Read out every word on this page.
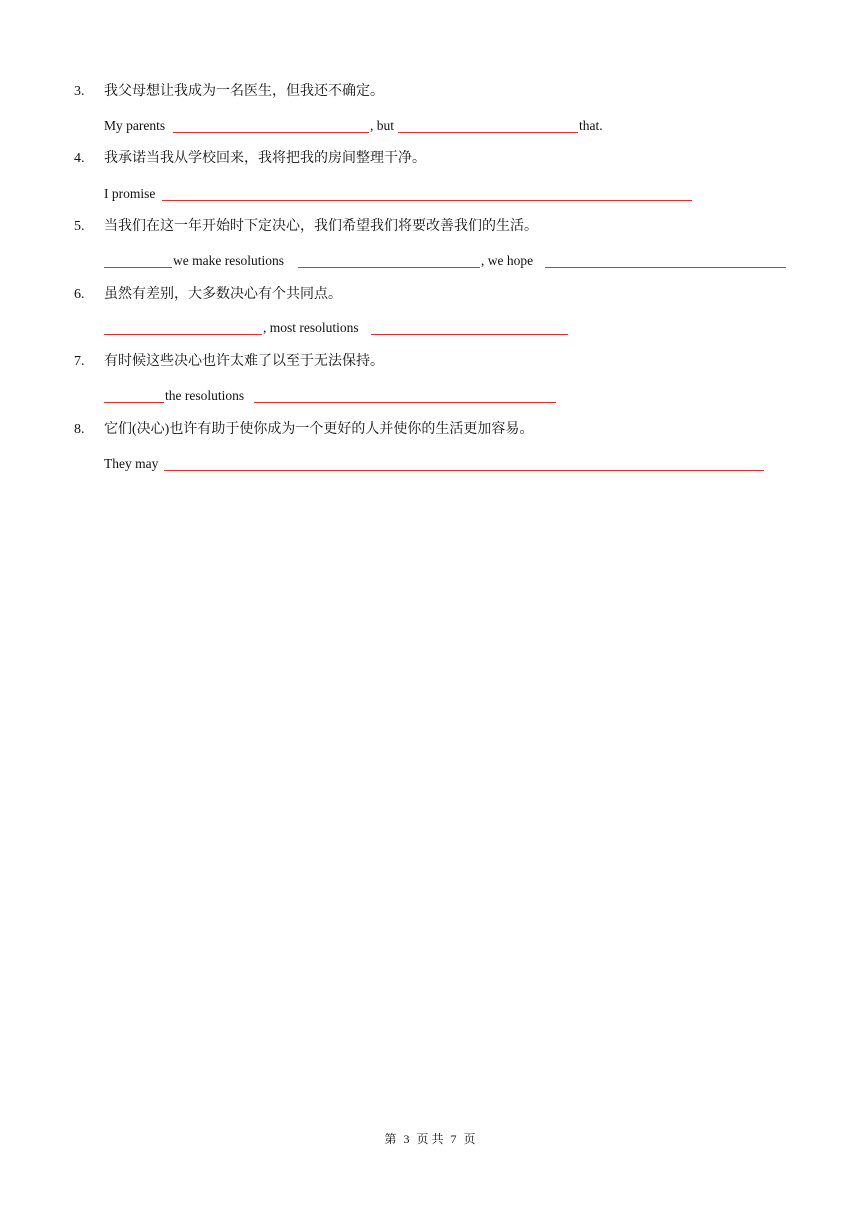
3. 我父母想让我成为一名医生，但我还不确定。
My parents	, but	that.
4. 我承诺当我从学校回来，我将把我的房间整理干净。
I promise
5. 当我们在这一年开始时下定决心，我们希望我们将要改善我们的生活。
we make resolutions	, we hope
6. 虽然有差别，大多数决心有个共同点。
, most resolutions
7. 有时候这些决心也许太难了以至于无法保持。
the resolutions
8. 它们(决心)也许有助于使你成为一个更好的人并使你的生活更加容易。
They may
第 3 页 共 7 页
